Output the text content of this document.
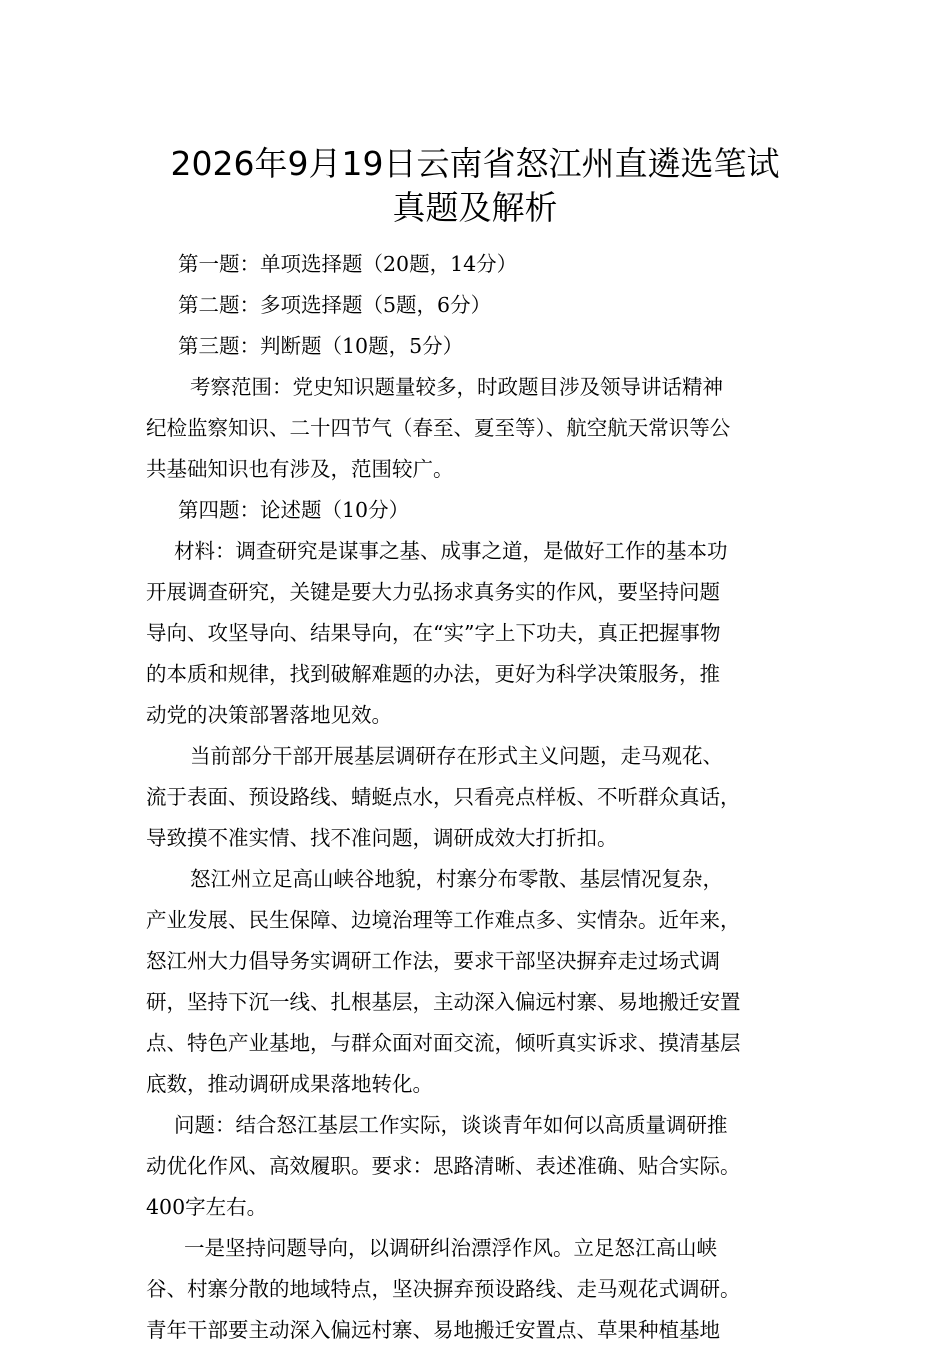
2026年9月19日云南省怒江州直遴选笔试
真题及解析

第一题：单项选择题（20题，14分）

第二题：多项选择题（5题，6分）

第三题：判断题（10题，5分）

考察范围：党史知识题量较多，时政题目涉及领导讲话精神

纪检监察知识、二十四节气（春至、夏至等）、航空航天常识等公

共基础知识也有涉及，范围较广。

第四题：论述题（10分）

材料：调查研究是谋事之基、成事之道，是做好工作的基本功

开展调查研究，关键是要大力弘扬求真务实的作风，要坚持问题

导向、攻坚导向、结果导向，在“实”字上下功夫，真正把握事物

的本质和规律，找到破解难题的办法，更好为科学决策服务，推

动党的决策部署落地见效。

当前部分干部开展基层调研存在形式主义问题，走马观花、

流于表面、预设路线、蜻蜓点水，只看亮点样板、不听群众真话，

导致摸不准实情、找不准问题，调研成效大打折扣。

怒江州立足高山峡谷地貌，村寨分布零散、基层情况复杂，

产业发展、民生保障、边境治理等工作难点多、实情杂。近年来，

怒江州大力倡导务实调研工作法，要求干部坚决摒弃走过场式调

研，坚持下沉一线、扎根基层，主动深入偏远村寨、易地搬迁安置

点、特色产业基地，与群众面对面交流，倾听真实诉求、摸清基层

底数，推动调研成果落地转化。

问题：结合怒江基层工作实际，谈谈青年如何以高质量调研推

动优化作风、高效履职。要求：思路清晰、表述准确、贴合实际。

400字左右。

一是坚持问题导向，以调研纠治漂浮作风。立足怒江高山峡

谷、村寨分散的地域特点，坚决摒弃预设路线、走马观花式调研。

青年干部要主动深入偏远村寨、易地搬迁安置点、草果种植基地
